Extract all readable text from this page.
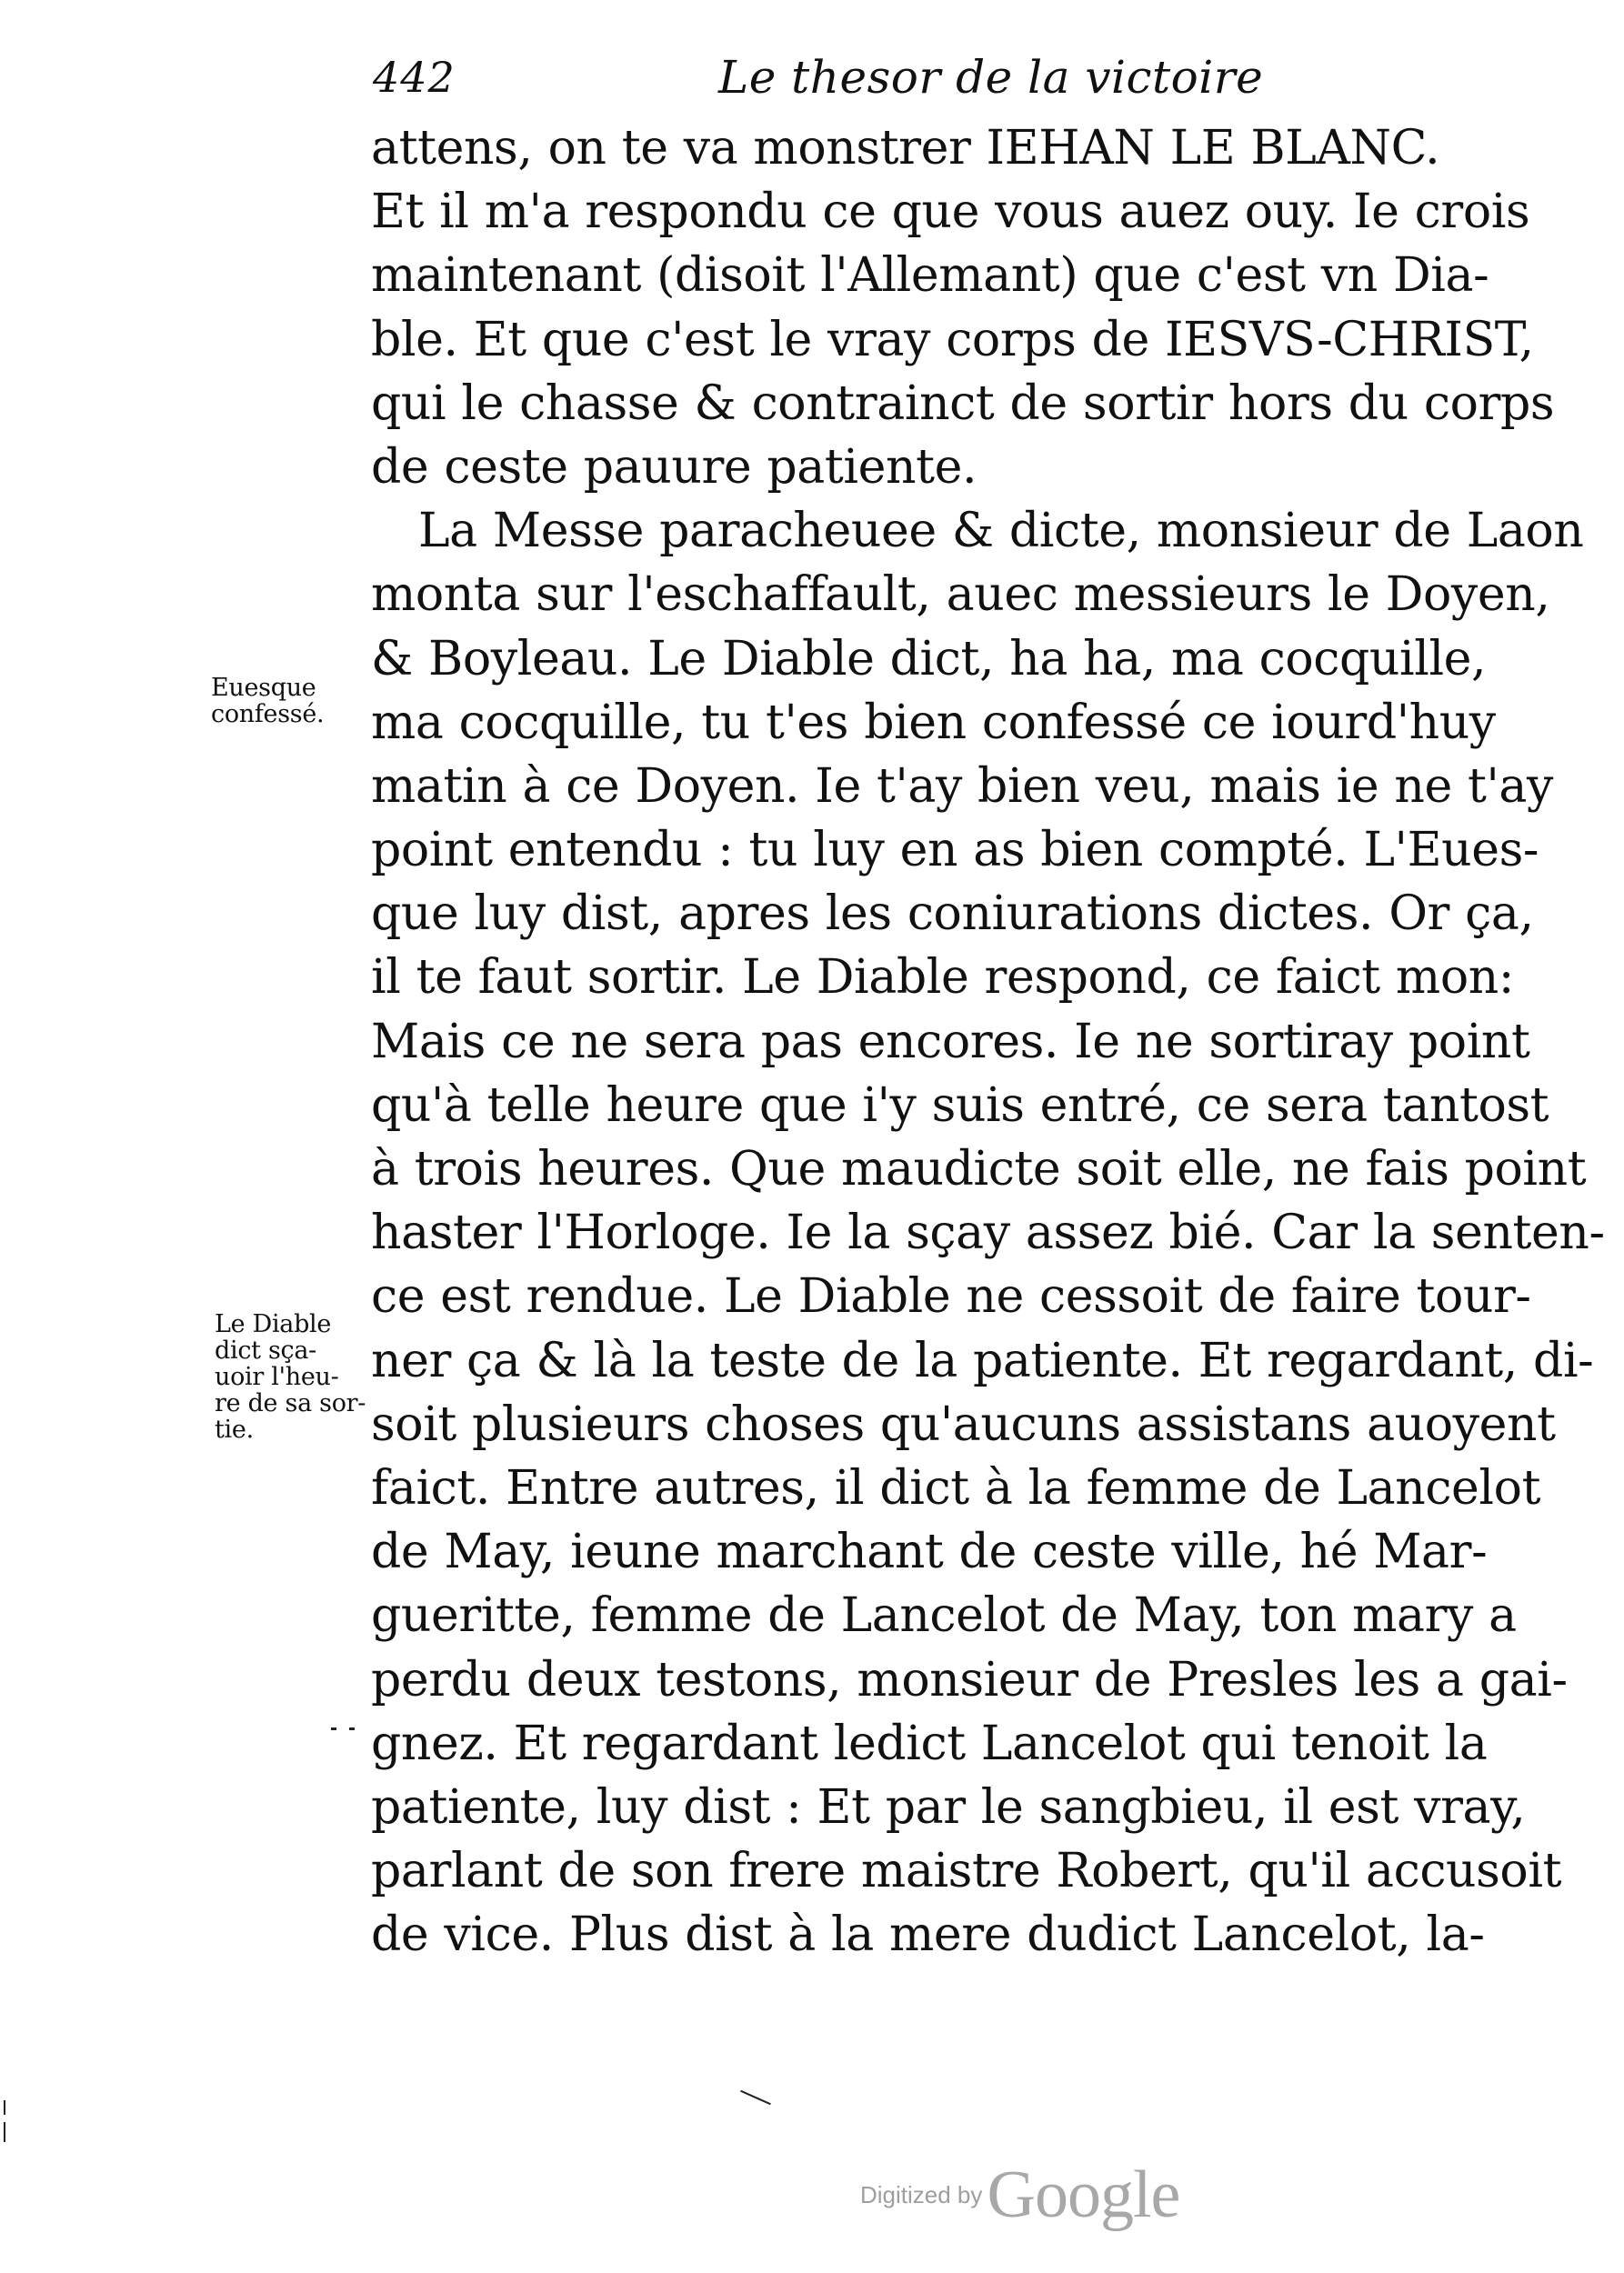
442	Le thesor de la victoire
attens, on te va monstrer IEHAN LE BLANC.
Et il m'a respondu ce que vous auez ouy. Ie crois
maintenant (disoit l'Allemant) que c'est vn Dia-
ble. Et que c'est le vray corps de IESVS-CHRIST,
qui le chasse & contrainct de sortir hors du corps
de ceste pauure patiente.
La Messe paracheuee & dicte, monsieur de Laon
monta sur l'eschaffault, auec messieurs le Doyen,
& Boyleau. Le Diable dict, ha ha, ma cocquille,
ma cocquille, tu t'es bien confessé ce iourd'huy
matin à ce Doyen. Ie t'ay bien veu, mais ie ne t'ay
point entendu : tu luy en as bien compté. L'Eues-
que luy dist, apres les coniurations dictes. Or ça,
il te faut sortir. Le Diable respond, ce faict mon:
Mais ce ne sera pas encores. Ie ne sortiray point
qu'à telle heure que i'y suis entré, ce sera tantost
à trois heures. Que maudicte soit elle, ne fais point
haster l'Horloge. Ie la sçay assez bié. Car la senten-
ce est rendue. Le Diable ne cessoit de faire tour-
ner ça & là la teste de la patiente. Et regardant, di-
soit plusieurs choses qu'aucuns assistans auoyent
faict. Entre autres, il dict à la femme de Lancelot
de May, ieune marchant de ceste ville, hé Mar-
gueritte, femme de Lancelot de May, ton mary a
perdu deux testons, monsieur de Presles les a gai-
gnez. Et regardant ledict Lancelot qui tenoit la
patiente, luy dist : Et par le sangbieu, il est vray,
parlant de son frere maistre Robert, qu'il accusoit
de vice. Plus dist à la mere dudict Lancelot, la-
Euesque
confessé.
Le Diable
dict sça-
uoir l'heu-
re de sa sor-
tie.
Digitized by Google
